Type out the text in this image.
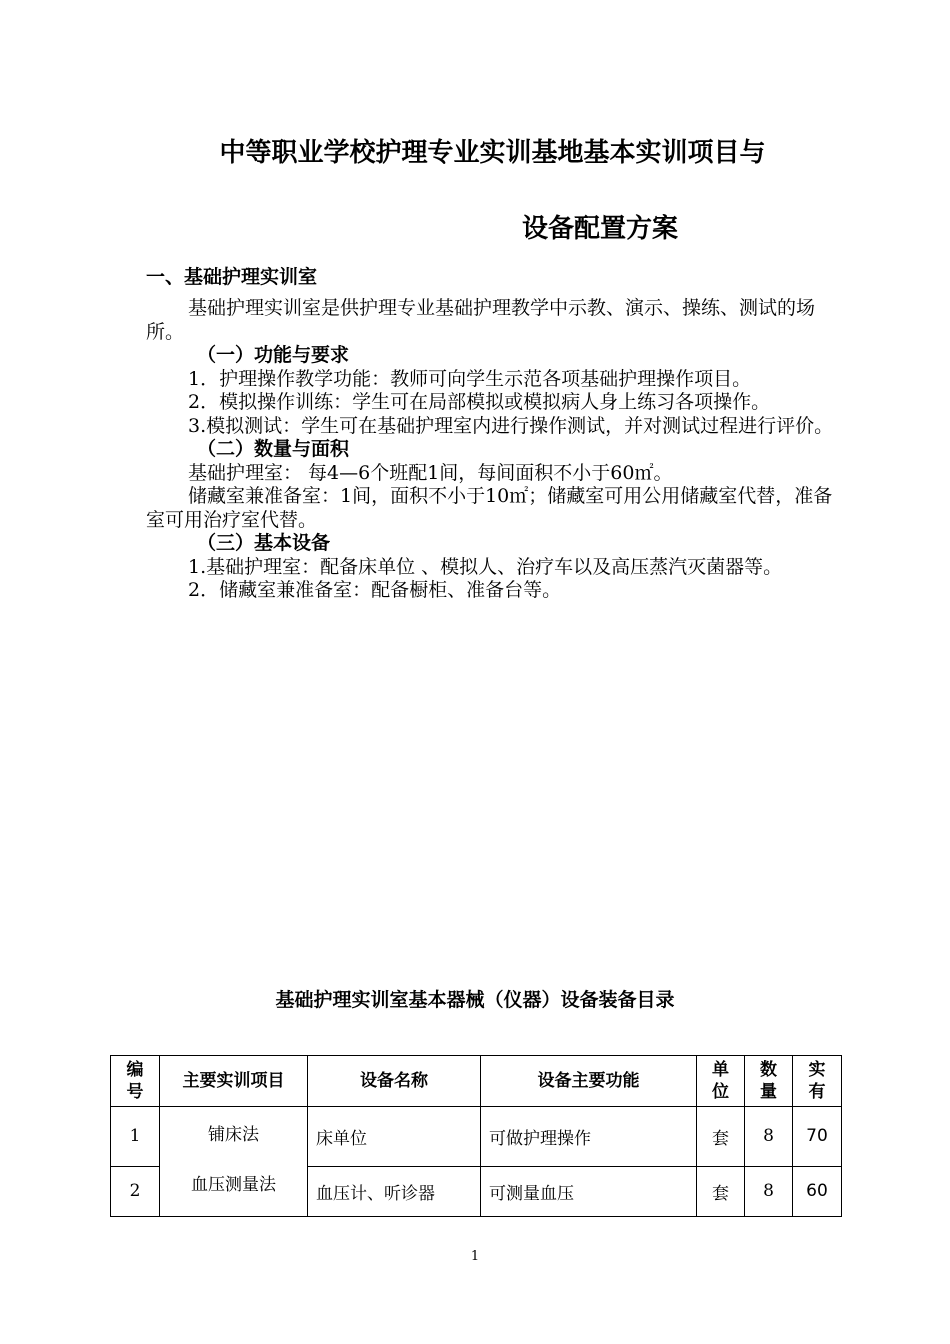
中等职业学校护理专业实训基地基本实训项目与
设备配置方案
一、基础护理实训室

基础护理实训室是供护理专业基础护理教学中示教、演示、操练、测试的场所。

（一）功能与要求

1．护理操作教学功能：教师可向学生示范各项基础护理操作项目。

2．模拟操作训练：学生可在局部模拟或模拟病人身上练习各项操作。

3.模拟测试：学生可在基础护理室内进行操作测试，并对测试过程进行评价。

（二）数量与面积

基础护理室： 每4—6个班配1间，每间面积不小于60㎡。

储藏室兼准备室：1间，面积不小于10㎡；储藏室可用公用储藏室代替，准备室可用治疗室代替。

（三）基本设备

1.基础护理室：配备床单位 、模拟人、治疗车以及高压蒸汽灭菌器等。

2．储藏室兼准备室：配备橱柜、准备台等。

基础护理实训室基本器械（仪器）设备装备目录
编号	主要实训项目	设备名称	设备主要功能	单位	数量	实有
1	铺床法	床单位	可做护理操作	套	8	70
2	血压测量法	血压计、听诊器	可测量血压	套	8	60
1
